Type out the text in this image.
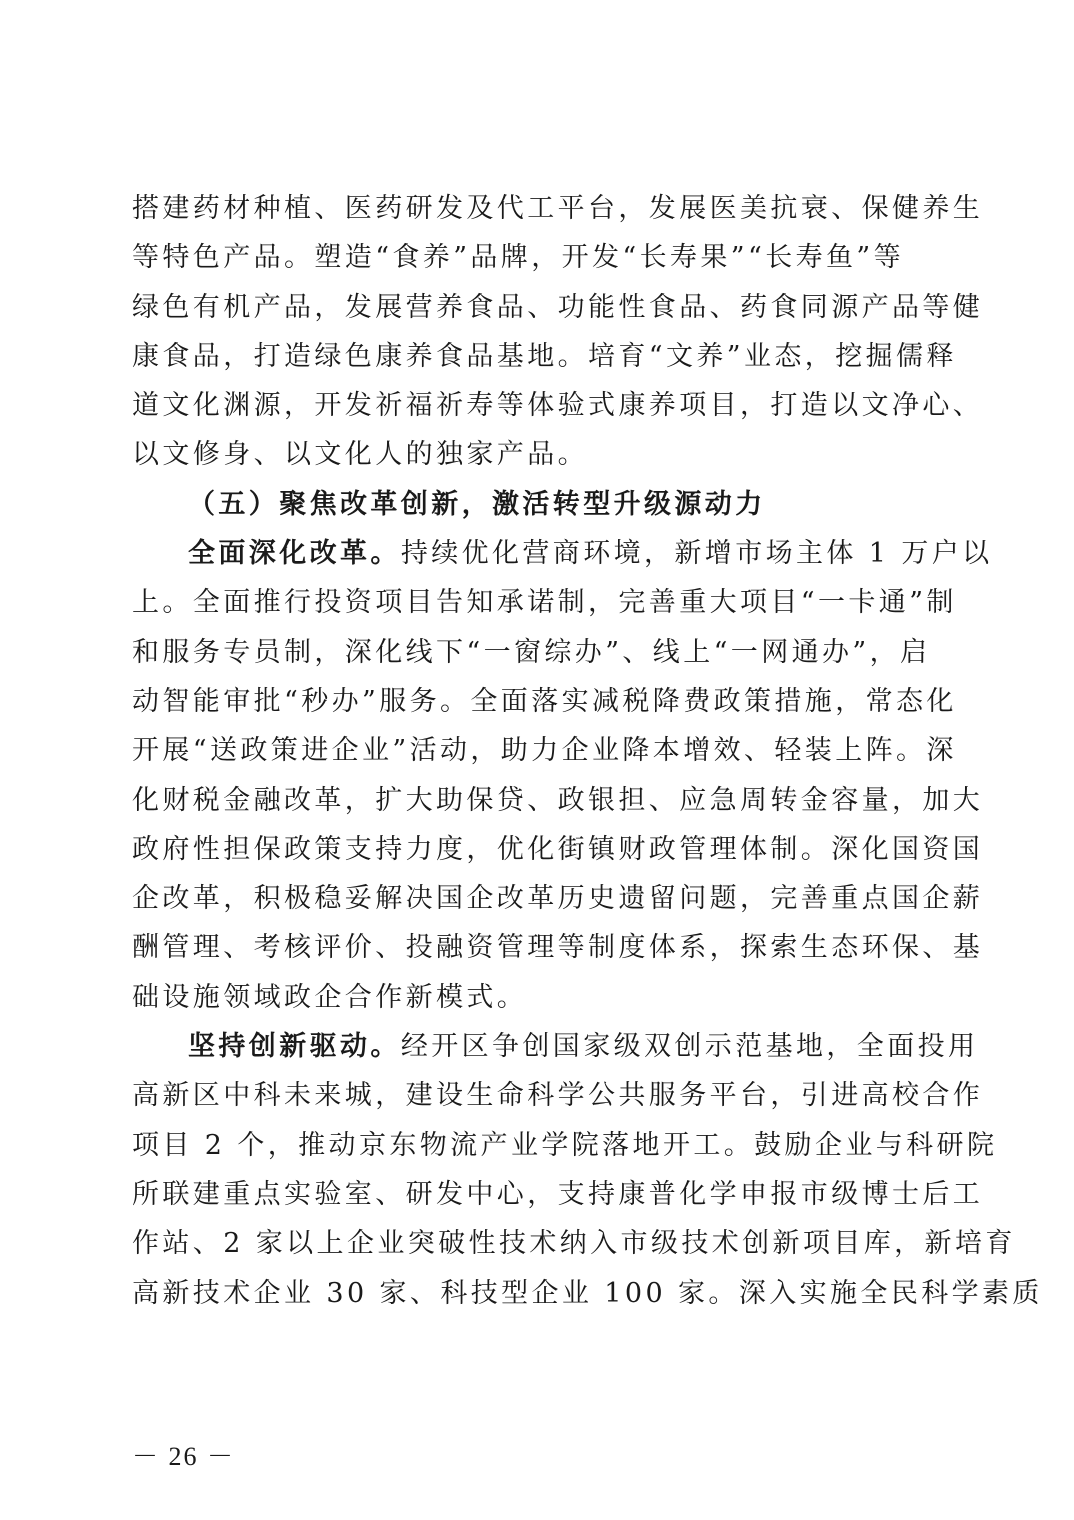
搭建药材种植、医药研发及代工平台，发展医美抗衰、保健养生
等特色产品。塑造“食养”品牌，开发“长寿果”“长寿鱼”等
绿色有机产品，发展营养食品、功能性食品、药食同源产品等健
康食品，打造绿色康养食品基地。培育“文养”业态，挖掘儒释
道文化渊源，开发祈福祈寿等体验式康养项目，打造以文净心、
以文修身、以文化人的独家产品。
（五）聚焦改革创新，激活转型升级源动力
全面深化改革。持续优化营商环境，新增市场主体 1 万户以
上。全面推行投资项目告知承诺制，完善重大项目“一卡通”制
和服务专员制，深化线下“一窗综办”、线上“一网通办”，启
动智能审批“秒办”服务。全面落实减税降费政策措施，常态化
开展“送政策进企业”活动，助力企业降本增效、轻装上阵。深
化财税金融改革，扩大助保贷、政银担、应急周转金容量，加大
政府性担保政策支持力度，优化街镇财政管理体制。深化国资国
企改革，积极稳妥解决国企改革历史遗留问题，完善重点国企薪
酬管理、考核评价、投融资管理等制度体系，探索生态环保、基
础设施领域政企合作新模式。
坚持创新驱动。经开区争创国家级双创示范基地，全面投用
高新区中科未来城，建设生命科学公共服务平台，引进高校合作
项目 2 个，推动京东物流产业学院落地开工。鼓励企业与科研院
所联建重点实验室、研发中心，支持康普化学申报市级博士后工
作站、2 家以上企业突破性技术纳入市级技术创新项目库，新培育
高新技术企业 30 家、科技型企业 100 家。深入实施全民科学素质
－ 26 －
